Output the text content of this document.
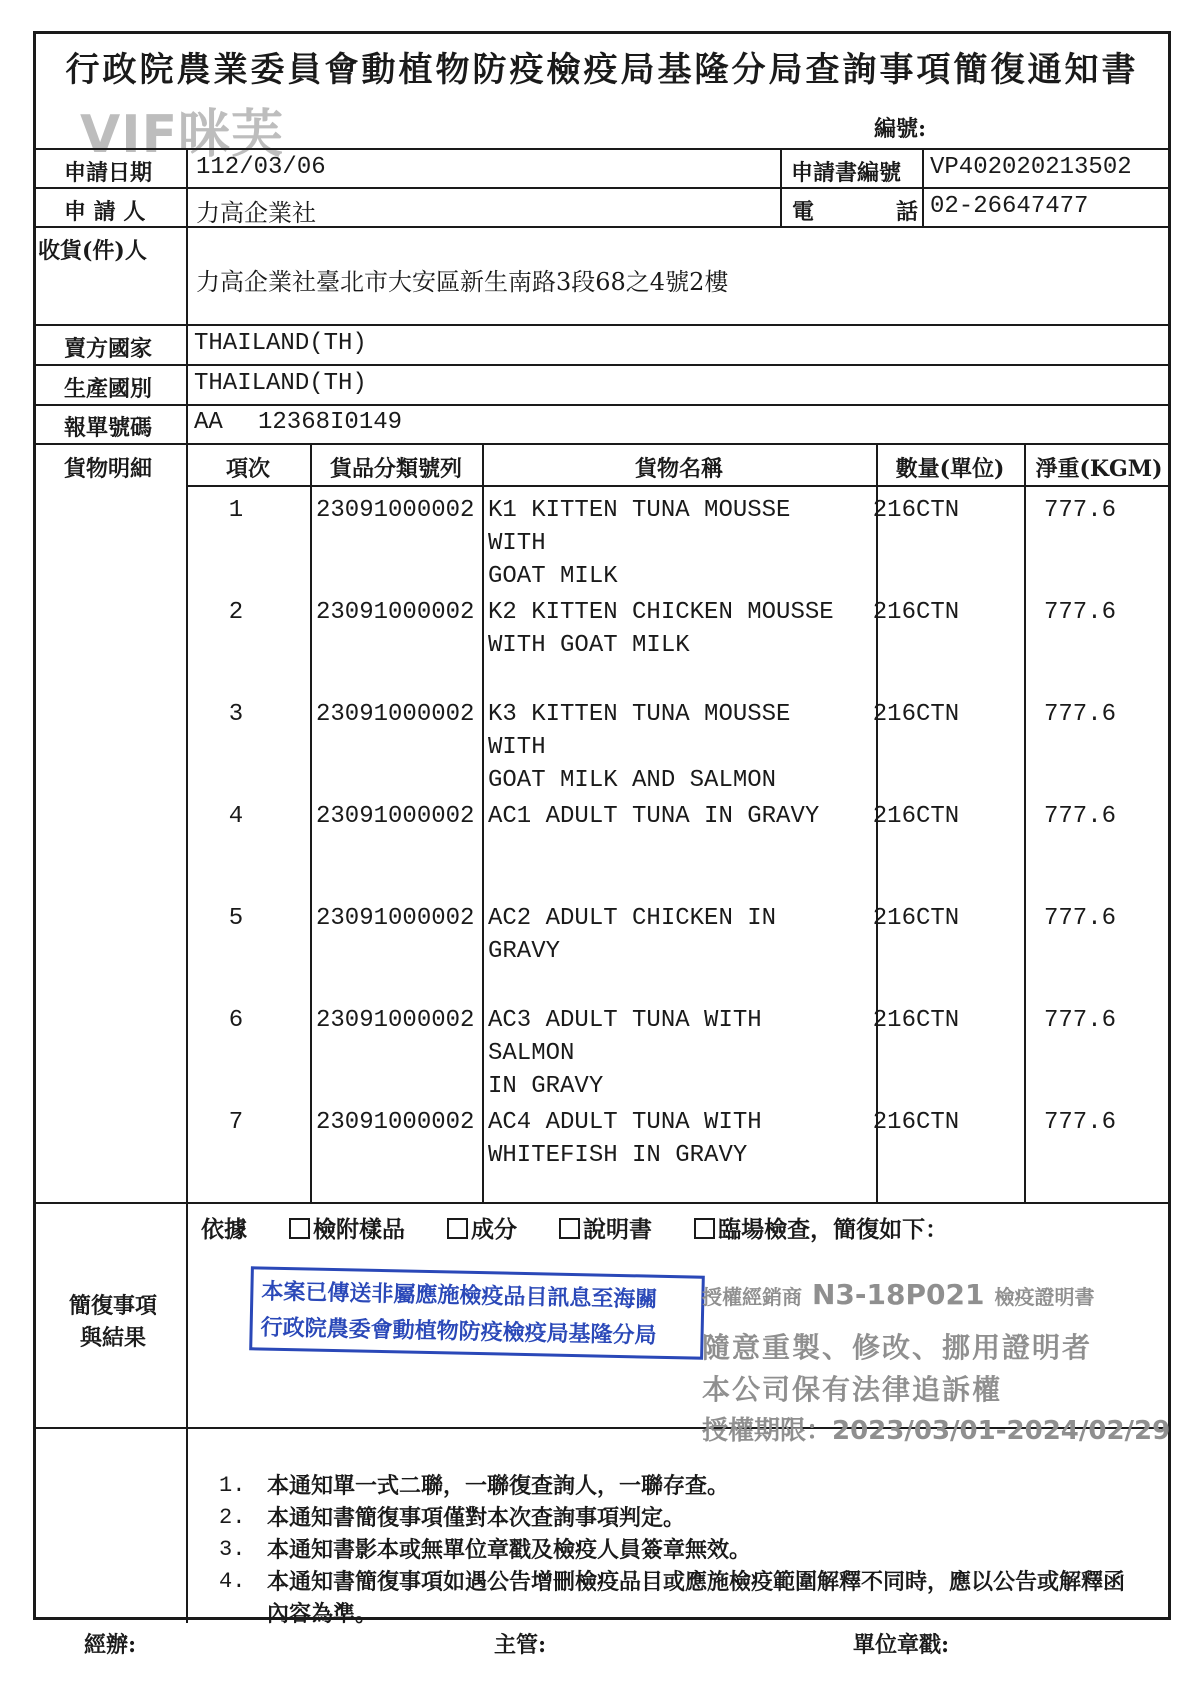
行政院農業委員會動植物防疫檢疫局基隆分局查詢事項簡復通知書
VIF咪芙	編號:
申請日期 112/03/06	申請書編號 VP402020213502
申 請 人 力高企業社	電	話 02-26647477
收貨(件)人
力高企業社臺北市大安區新生南路3段68之4號2樓
賣方國家 THAILAND(TH)
生產國別 THAILAND(TH)
報單號碼 AA 12368I0149
貨物明細	項次	貨品分類號列	貨物名稱	數量(單位)	淨重(KGM)
1	23091000002 K1 KITTEN TUNA MOUSSE WITH
GOAT MILK
216CTN	777.6
2	23091000002 K2 KITTEN CHICKEN MOUSSE
WITH GOAT MILK
216CTN	777.6
3	23091000002 K3 KITTEN TUNA MOUSSE WITH
GOAT MILK AND SALMON
216CTN	777.6
4	23091000002 AC1 ADULT TUNA IN GRAVY	216CTN	777.6
5	23091000002 AC2 ADULT CHICKEN IN GRAVY
216CTN	777.6
6	23091000002 AC3 ADULT TUNA WITH SALMON
IN GRAVY
216CTN	777.6
7	23091000002 AC4 ADULT TUNA WITH
WHITEFISH IN GRAVY
216CTN	777.6
簡復事項
與結果
依據	檢附樣品	成分	說明書	臨場檢查，簡復如下：
本案已傳送非屬應施檢疫品目訊息至海關
行政院農委會動植物防疫檢疫局基隆分局
授權經銷商 N3-18P021 檢疫證明書
隨意重製、修改、挪用證明者
本公司保有法律追訴權
授權期限：2023/03/01-2024/02/29
1. 本通知單一式二聯，一聯復查詢人，一聯存查。
2. 本通知書簡復事項僅對本次查詢事項判定。
3. 本通知書影本或無單位章戳及檢疫人員簽章無效。
4. 本通知書簡復事項如遇公告增刪檢疫品目或應施檢疫範圍解釋不同時，應以公告或解釋函內容為準。
經辦:	主管:	單位章戳:
